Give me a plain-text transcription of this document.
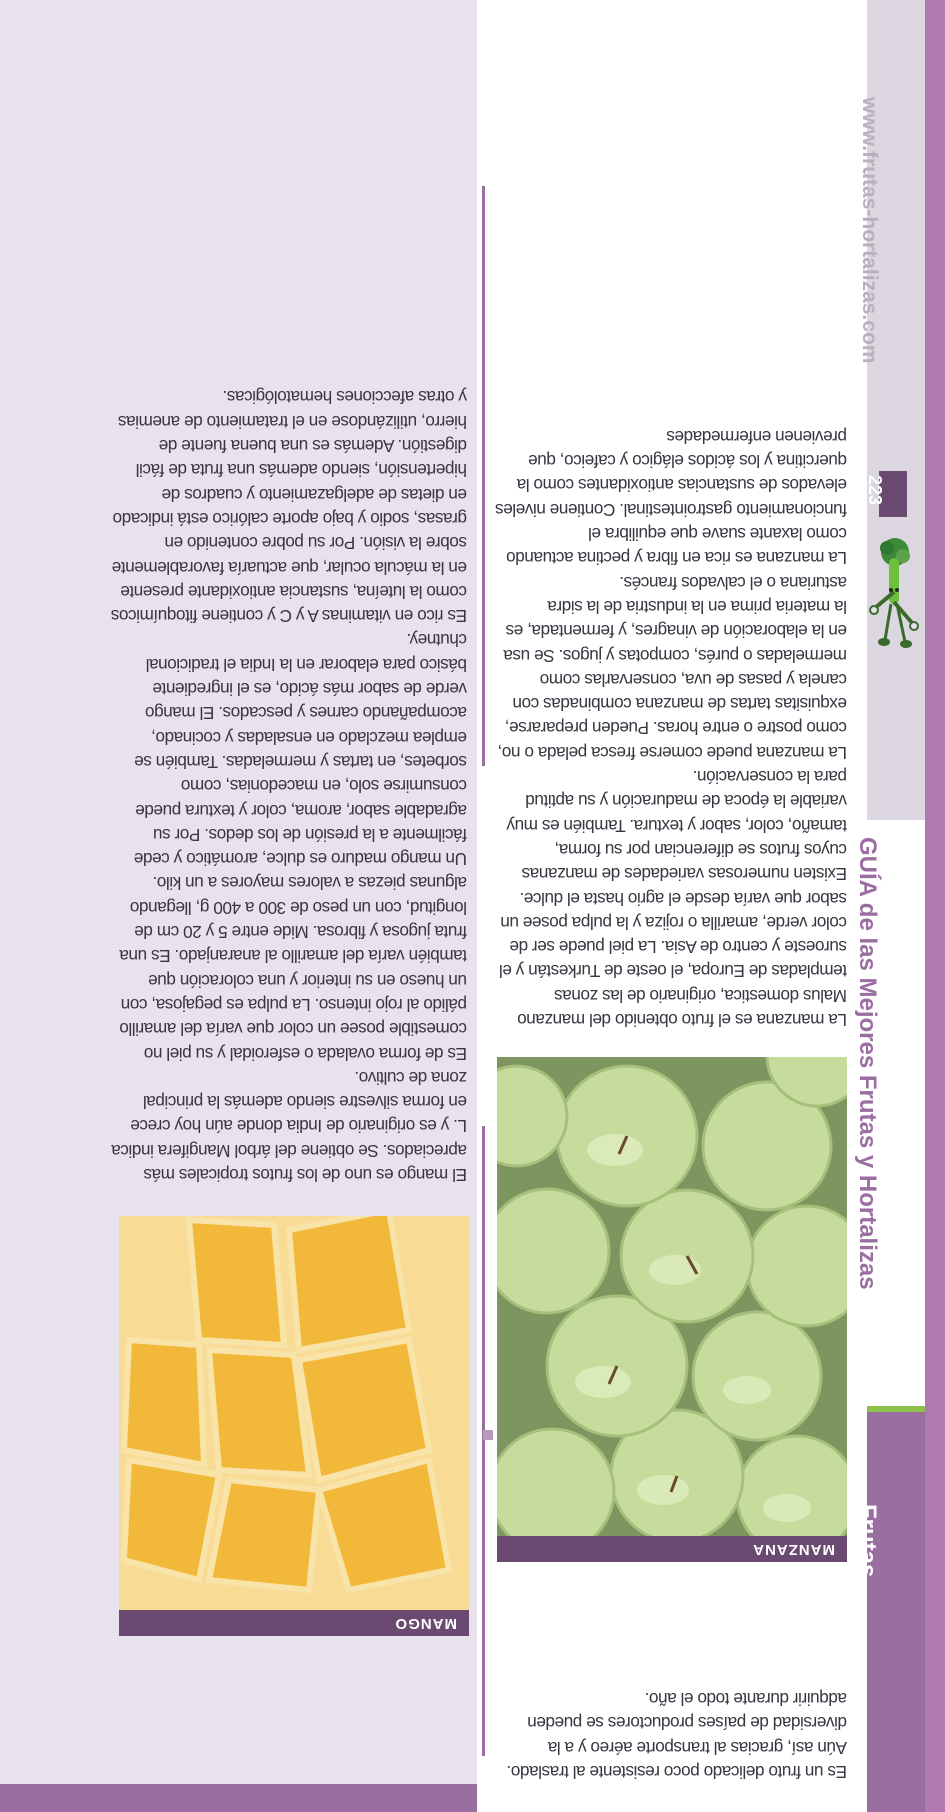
Frutas
GUÍA de las Mejores Frutas y Hortalizas
223
www.frutas-hortalizas.com

Es un fruto delicado poco resistente al traslado. Aún así, gracias al transporte aéreo y a la diversidad de países productores se pueden adquirir durante todo el año.

MANZANA

La manzana es el fruto obtenido del manzano Malus domestica, originario de las zonas templadas de Europa, el oeste de Turkestán y el suroeste y centro de Asia. La piel puede ser de color verde, amarilla o rojiza y la pulpa posee un sabor que varía desde el agrio hasta el dulce.

Existen numerosas variedades de manzanas cuyos frutos se diferencian por su forma, tamaño, color, sabor y textura. También es muy variable la época de maduración y su aptitud para la conservación.

La manzana puede comerse fresca pelada o no, como postre o entre horas. Pueden prepararse, exquisitas tartas de manzana combinadas con canela y pasas de uva, conservarlas como mermeladas o purés, compotas y jugos. Se usa en la elaboración de vinagres, y fermentada, es la materia prima en la industria de la sidra asturiana o el calvados francés.

La manzana es rica en fibra y pectina actuando como laxante suave que equilibra el funcionamiento gastrointestinal. Contiene niveles elevados de sustancias antioxidantes como la quercitina y los ácidos elágico y cafeico, que previenen enfermedades

MANGO

El mango es uno de los frutos tropicales más apreciados. Se obtiene del árbol Mangifera indica L. y es originario de India donde aún hoy crece en forma silvestre siendo además la principal zona de cultivo.

Es de forma ovalada o esferoidal y su piel no comestible posee un color que varía del amarillo pálido al rojo intenso. La pulpa es pegajosa, con un hueso en su interior y una coloración que también varía del amarillo al anaranjado. Es una fruta jugosa y fibrosa. Mide entre 5 y 20 cm de longitud, con un peso de 300 a 400 g, llegando algunas piezas a valores mayores a un kilo.

Un mango maduro es dulce, aromático y cede fácilmente a la presión de los dedos. Por su agradable sabor, aroma, color y textura puede consumirse solo, en macedonias, como sorbetes, en tartas y mermeladas. También se emplea mezclado en ensaladas y cocinado, acompañando carnes y pescados. El mango verde de sabor más ácido, es el ingrediente básico para elaborar en la India el tradicional chutney.

Es rico en vitaminas A y C y contiene fitoquímicos como la luteína, sustancia antioxidante presente en la mácula ocular, que actuaría favorablemente sobre la visión. Por su pobre contenido en grasas, sodio y bajo aporte calórico está indicado en dietas de adelgazamiento y cuadros de hipertensión, siendo además una fruta de fácil digestión. Además es una buena fuente de hierro, utilizándose en el tratamiento de anemias y otras afecciones hematológicas.
